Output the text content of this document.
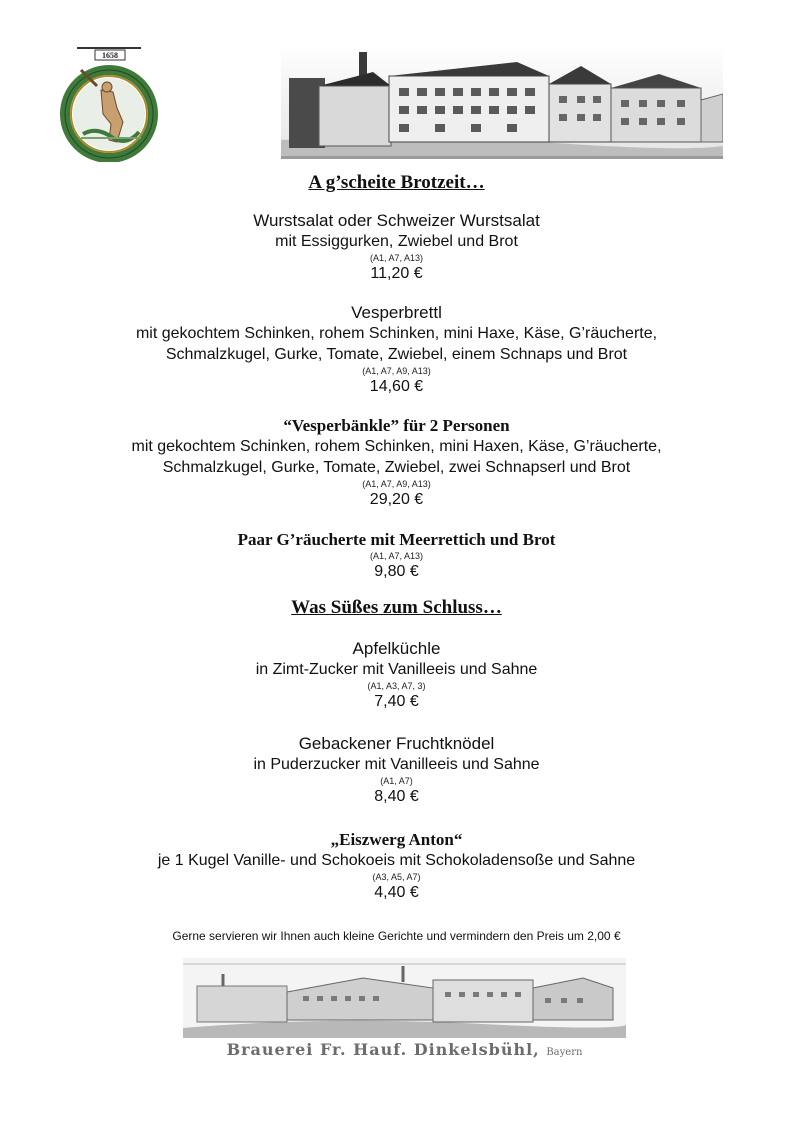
1658
A g’scheite Brotzeit…
Wurstsalat oder Schweizer Wurstsalat
mit Essiggurken, Zwiebel und Brot
(A1, A7, A13)
11,20 €
Vesperbrettl
mit gekochtem Schinken, rohem Schinken, mini Haxe, Käse, G’räucherte,
Schmalzkugel, Gurke, Tomate, Zwiebel, einem Schnaps und Brot
(A1, A7, A9, A13)
14,60 €
“Vesperbänkle” für 2 Personen
mit gekochtem Schinken, rohem Schinken, mini Haxen, Käse, G’räucherte,
Schmalzkugel, Gurke, Tomate, Zwiebel, zwei Schnapserl und Brot
(A1, A7, A9, A13)
29,20 €
Paar G’räucherte mit Meerrettich und Brot
(A1, A7, A13)
9,80 €
Was Süßes zum Schluss…
Apfelküchle
in Zimt-Zucker mit Vanilleeis und Sahne
(A1, A3, A7, 3)
7,40 €
Gebackener Fruchtknödel
in Puderzucker mit Vanilleeis und Sahne
(A1, A7)
8,40 €
„Eiszwerg Anton“
je 1 Kugel Vanille- und Schokoeis mit Schokoladensoße und Sahne
(A3, A5, A7)
4,40 €
Gerne servieren wir Ihnen auch kleine Gerichte und vermindern den Preis um 2,00 €
Brauerei Fr. Hauf. Dinkelsbühl, Bayern
